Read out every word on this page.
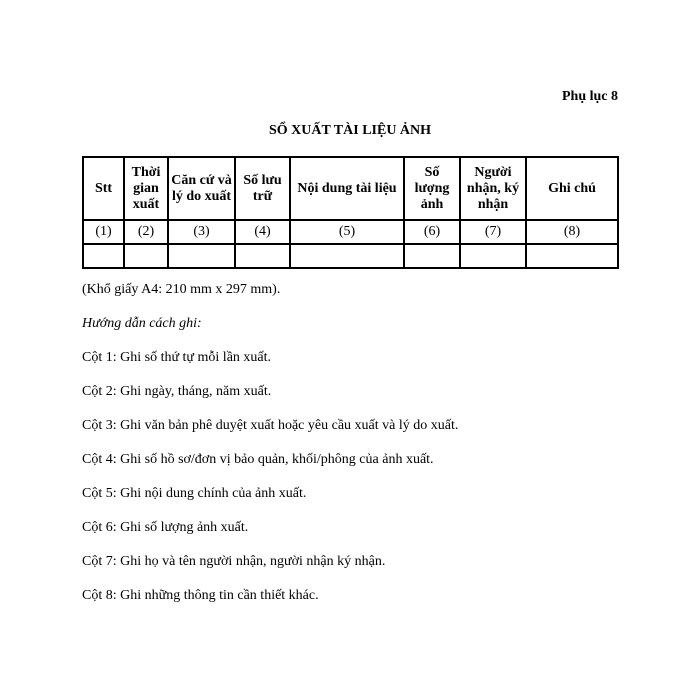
Phụ lục 8
SỔ XUẤT TÀI LIỆU ẢNH
Stt	Thời gian xuất	Căn cứ và lý do xuất	Số lưu trữ	Nội dung tài liệu	Số lượng ảnh	Người nhận, ký nhận	Ghi chú
(1)	(2)	(3)	(4)	(5)	(6)	(7)	(8)

(Khổ giấy A4: 210 mm x 297 mm).
Hướng dẫn cách ghi:
Cột 1: Ghi số thứ tự mỗi lần xuất.
Cột 2: Ghi ngày, tháng, năm xuất.
Cột 3: Ghi văn bản phê duyệt xuất hoặc yêu cầu xuất và lý do xuất.
Cột 4: Ghi số hồ sơ/đơn vị bảo quản, khối/phông của ảnh xuất.
Cột 5: Ghi nội dung chính của ảnh xuất.
Cột 6: Ghi số lượng ảnh xuất.
Cột 7: Ghi họ và tên người nhận, người nhận ký nhận.
Cột 8: Ghi những thông tin cần thiết khác.
